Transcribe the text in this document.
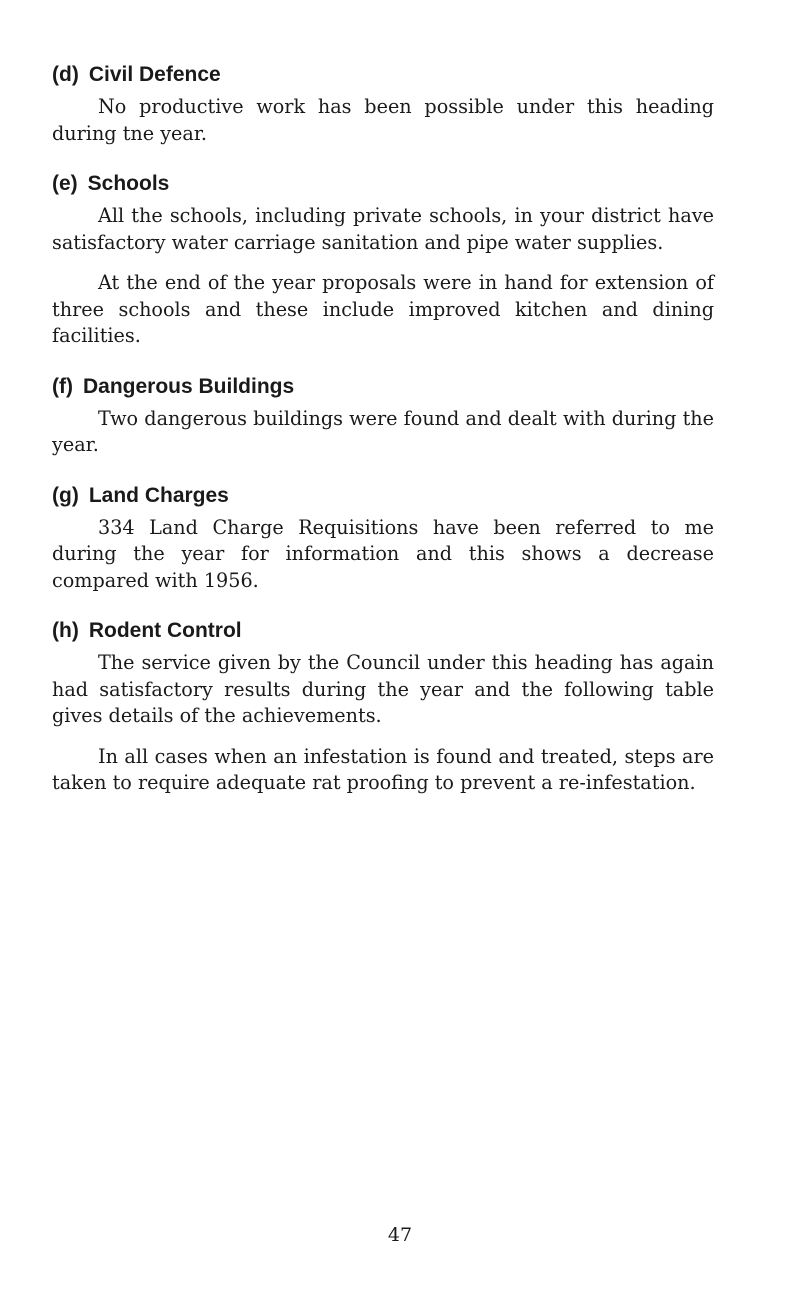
(d) Civil Defence

No productive work has been possible under this heading during tne year.

(e) Schools

All the schools, including private schools, in your district have satisfactory water carriage sanitation and pipe water supplies.

At the end of the year proposals were in hand for extension of three schools and these include improved kitchen and dining facilities.

(f) Dangerous Buildings

Two dangerous buildings were found and dealt with during the year.

(g) Land Charges

334 Land Charge Requisitions have been referred to me during the year for information and this shows a decrease compared with 1956.

(h) Rodent Control

The service given by the Council under this heading has again had satisfactory results during the year and the following table gives details of the achievements.

In all cases when an infestation is found and treated, steps are taken to require adequate rat proofing to prevent a re-infestation.

47
